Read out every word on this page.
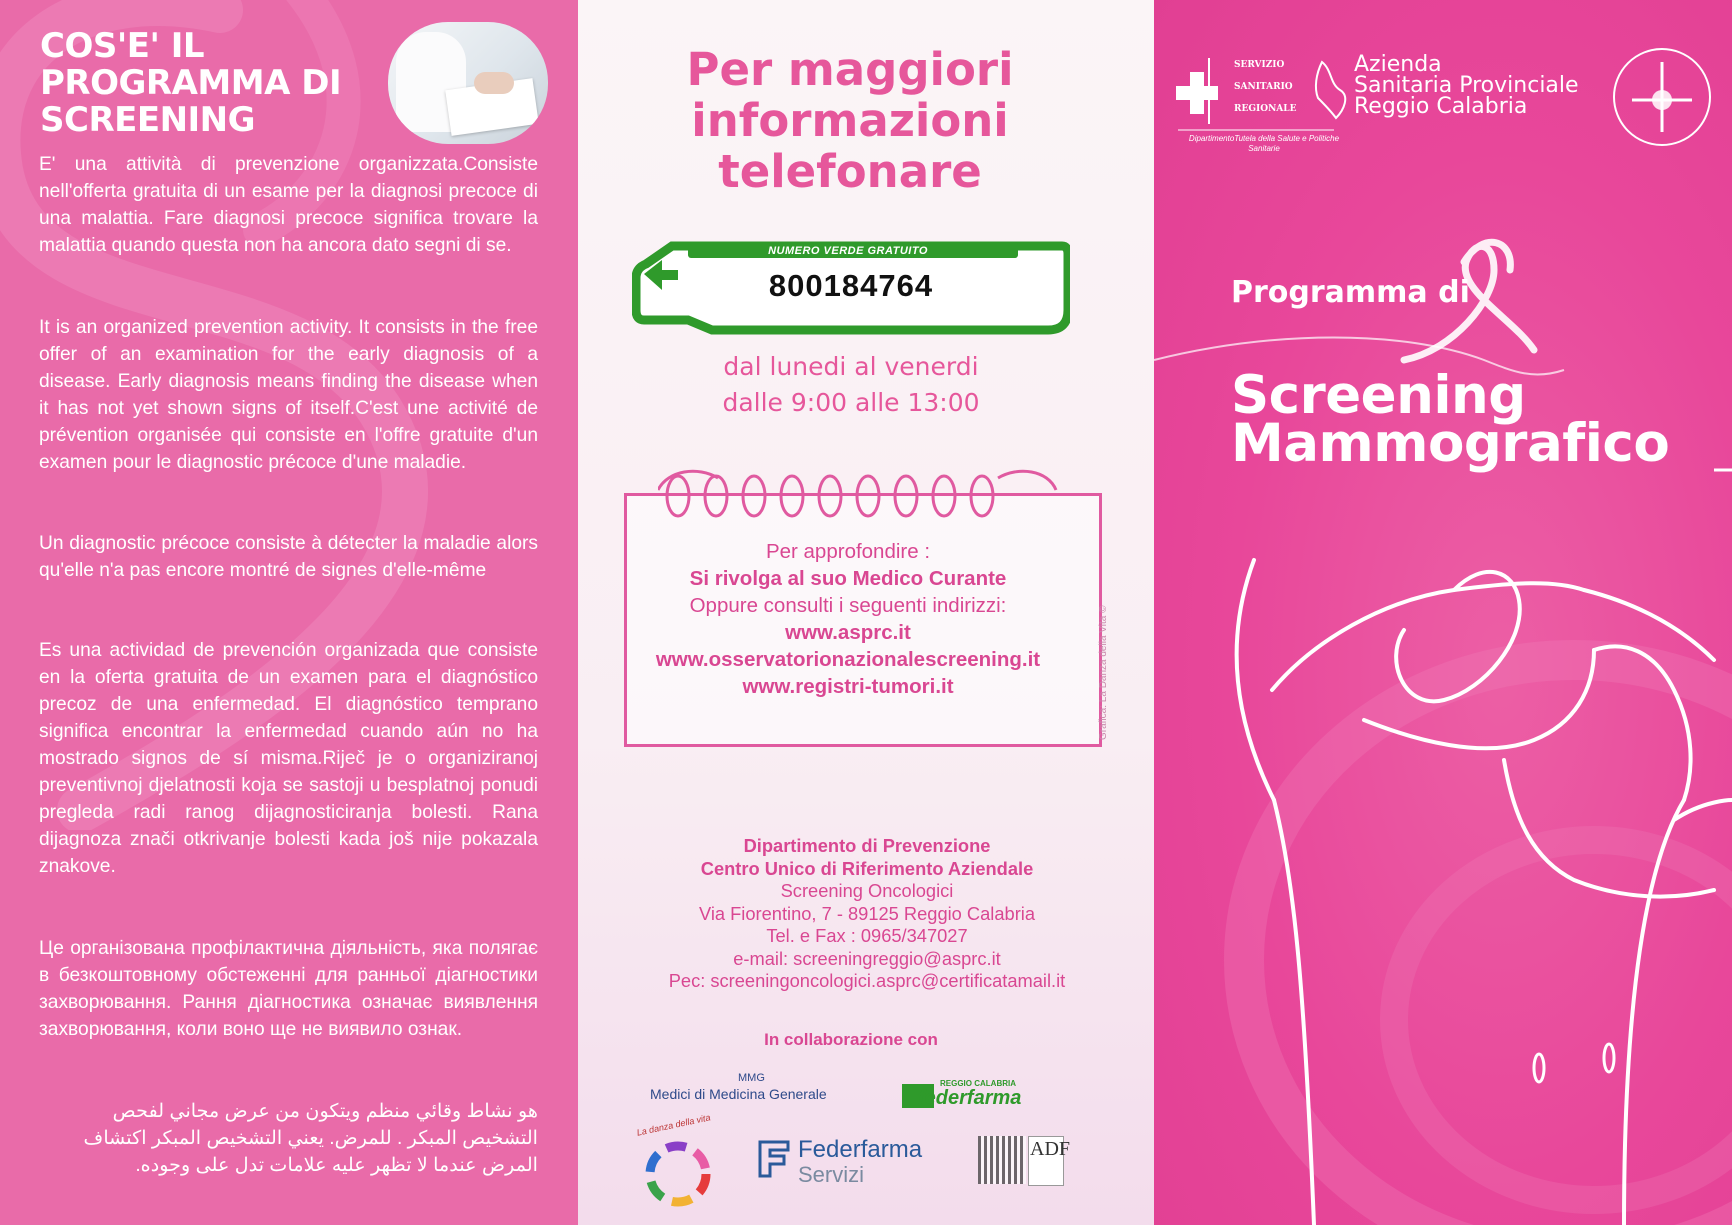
COS'E' IL
PROGRAMMA DI
SCREENING

E' una attività di prevenzione organizzata.Consiste nell'offerta gratuita di un esame per la diagnosi precoce di una malattia. Fare diagnosi precoce significa trovare la malattia quando questa non ha ancora dato segni di se.

It is an organized prevention activity. It consists in the free offer of an examination for the early diagnosis of a disease. Early diagnosis means finding the disease when it has not yet shown signs of itself.C'est une activité de prévention organisée qui consiste en l'offre gratuite d'un examen pour le diagnostic précoce d'une maladie.

Un diagnostic précoce consiste à détecter la maladie alors qu'elle n'a pas encore montré de signes d'elle-même

Es una actividad de prevención organizada que consiste en la oferta gratuita de un examen para el diagnóstico precoz de una enfermedad. El diagnóstico temprano significa encontrar la enfermedad cuando aún no ha mostrado signos de sí misma.Riječ je o organiziranoj preventivnoj djelatnosti koja se sastoji u besplatnoj ponudi pregleda radi ranog dijagnosticiranja bolesti. Rana dijagnoza znači otkrivanje bolesti kada još nije pokazala znakove.

Це організована профілактична діяльність, яка полягає в безкоштовному обстеженні для ранньої діагностики захворювання. Рання діагностика означає виявлення захворювання, коли воно ще не виявило ознак.

هو نشاط وقائي منظم ويتكون من عرض مجاني لفحص التشخيص المبكر . للمرض. يعني التشخيص المبكر اكتشاف المرض عندما لا تظهر عليه علامات تدل على وجوده.

Per maggiori
informazioni
telefonare
NUMERO VERDE GRATUITO
800184764
dal lunedi al venerdi
dalle 9:00 alle 13:00
Per approfondire :
Si rivolga al suo Medico Curante
Oppure consulti i seguenti indirizzi:
www.asprc.it
www.osservatorionazionalescreening.it
www.registri-tumori.it
Dipartimento di Prevenzione
Centro Unico di Riferimento Aziendale
Screening Oncologici
Via Fiorentino, 7 - 89125 Reggio Calabria
Tel. e Fax : 0965/347027
e-mail: screeningreggio@asprc.it
Pec: screeningoncologici.asprc@certificatamail.it
In collaborazione con
MMG
Medici di Medicina Generale
REGGIO CALABRIA
federfarma
La danza della vita
Federfarma
Servizi
ADF
Grafica: La Danza della Vita ©
SERVIZIO
SANITARIO
REGIONALE
DipartimentoTutela della Salute e Politiche Sanitarie
Azienda
Sanitaria Provinciale
Reggio Calabria
Programma di
Screening
Mammografico
